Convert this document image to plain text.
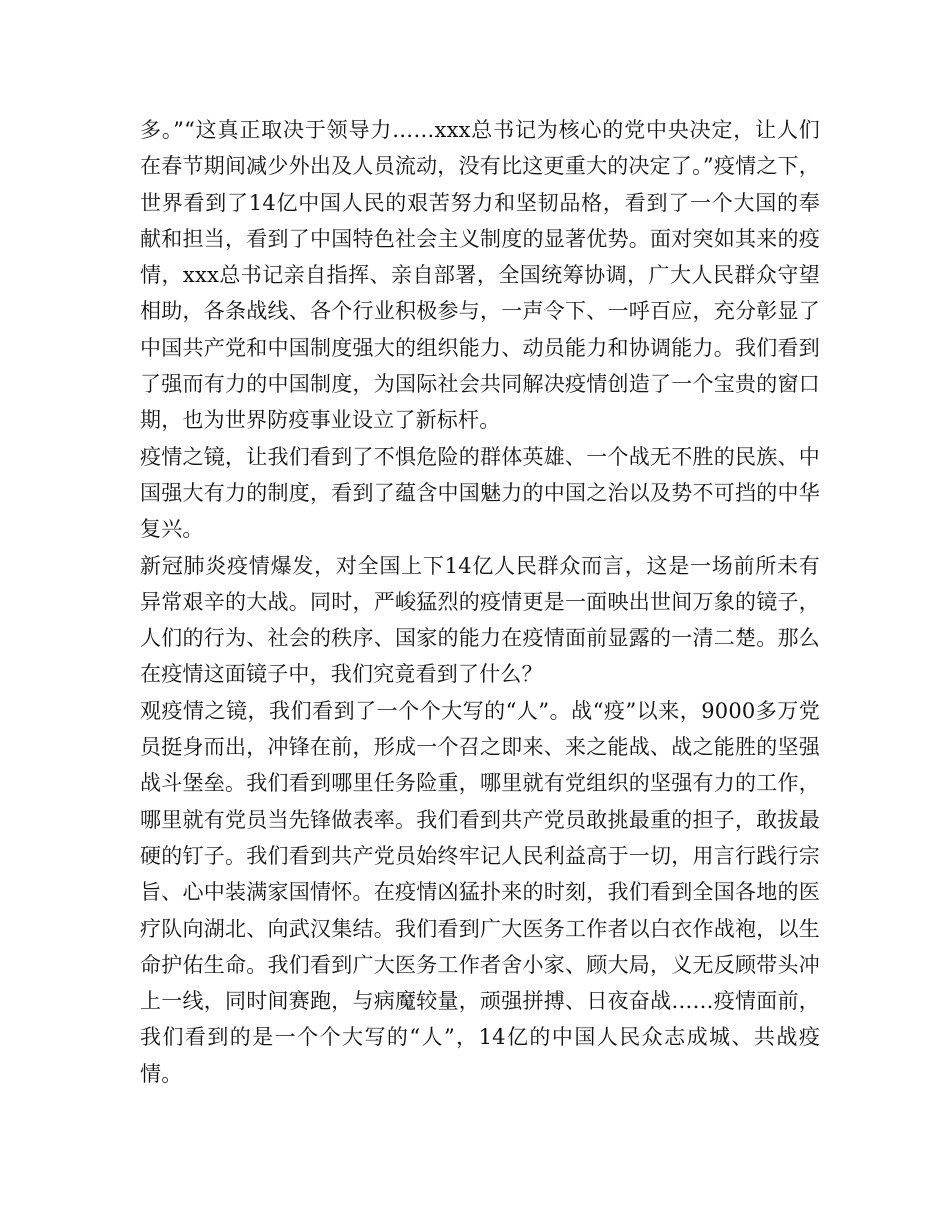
多。”“这真正取决于领导力……xxx总书记为核心的党中央决定，让人们在春节期间减少外出及人员流动，没有比这更重大的决定了。”疫情之下，世界看到了14亿中国人民的艰苦努力和坚韧品格，看到了一个大国的奉献和担当，看到了中国特色社会主义制度的显著优势。面对突如其来的疫情，xxx总书记亲自指挥、亲自部署，全国统筹协调，广大人民群众守望相助，各条战线、各个行业积极参与，一声令下、一呼百应，充分彰显了中国共产党和中国制度强大的组织能力、动员能力和协调能力。我们看到了强而有力的中国制度，为国际社会共同解决疫情创造了一个宝贵的窗口期，也为世界防疫事业设立了新标杆。

疫情之镜，让我们看到了不惧危险的群体英雄、一个战无不胜的民族、中国强大有力的制度，看到了蕴含中国魅力的中国之治以及势不可挡的中华复兴。

新冠肺炎疫情爆发，对全国上下14亿人民群众而言，这是一场前所未有异常艰辛的大战。同时，严峻猛烈的疫情更是一面映出世间万象的镜子，人们的行为、社会的秩序、国家的能力在疫情面前显露的一清二楚。那么在疫情这面镜子中，我们究竟看到了什么？

观疫情之镜，我们看到了一个个大写的“人”。战“疫”以来，9000多万党员挺身而出，冲锋在前，形成一个召之即来、来之能战、战之能胜的坚强战斗堡垒。我们看到哪里任务险重，哪里就有党组织的坚强有力的工作，哪里就有党员当先锋做表率。我们看到共产党员敢挑最重的担子，敢拔最硬的钉子。我们看到共产党员始终牢记人民利益高于一切，用言行践行宗旨、心中装满家国情怀。在疫情凶猛扑来的时刻，我们看到全国各地的医疗队向湖北、向武汉集结。我们看到广大医务工作者以白衣作战袍，以生命护佑生命。我们看到广大医务工作者舍小家、顾大局，义无反顾带头冲上一线，同时间赛跑，与病魔较量，顽强拼搏、日夜奋战……疫情面前，我们看到的是一个个大写的“人”，14亿的中国人民众志成城、共战疫情。
